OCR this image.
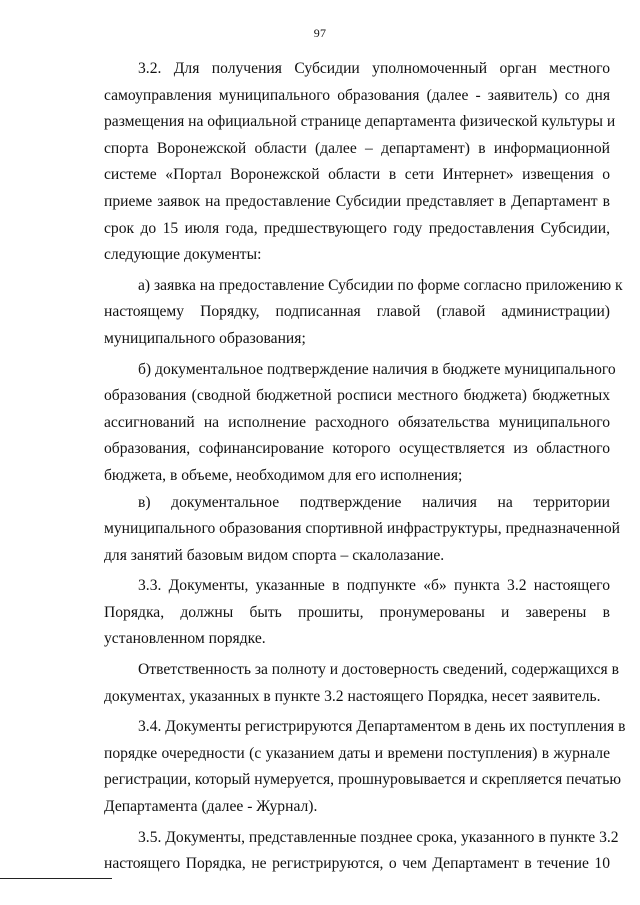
97
3.2. Для получения Субсидии уполномоченный орган местного
самоуправления муниципального образования (далее - заявитель) со дня
размещения на официальной странице департамента физической культуры и
спорта Воронежской области (далее – департамент) в информационной
системе «Портал Воронежской области в сети Интернет» извещения о
приеме заявок на предоставление Субсидии представляет в Департамент в
срок до 15 июля года, предшествующего году предоставления Субсидии,
следующие документы:
а) заявка на предоставление Субсидии по форме согласно приложению к
настоящему Порядку, подписанная главой (главой администрации)
муниципального образования;
б) документальное подтверждение наличия в бюджете муниципального
образования (сводной бюджетной росписи местного бюджета) бюджетных
ассигнований на исполнение расходного обязательства муниципального
образования, софинансирование которого осуществляется из областного
бюджета, в объеме, необходимом для его исполнения;
в) документальное подтверждение наличия на территории
муниципального образования спортивной инфраструктуры, предназначенной
для занятий базовым видом спорта – скалолазание.
3.3. Документы, указанные в подпункте «б» пункта 3.2 настоящего
Порядка, должны быть прошиты, пронумерованы и заверены в
установленном порядке.
Ответственность за полноту и достоверность сведений, содержащихся в
документах, указанных в пункте 3.2 настоящего Порядка, несет заявитель.
3.4. Документы регистрируются Департаментом в день их поступления в
порядке очередности (с указанием даты и времени поступления) в журнале
регистрации, который нумеруется, прошнуровывается и скрепляется печатью
Департамента (далее - Журнал).
3.5. Документы, представленные позднее срока, указанного в пункте 3.2
настоящего Порядка, не регистрируются, о чем Департамент в течение 10
